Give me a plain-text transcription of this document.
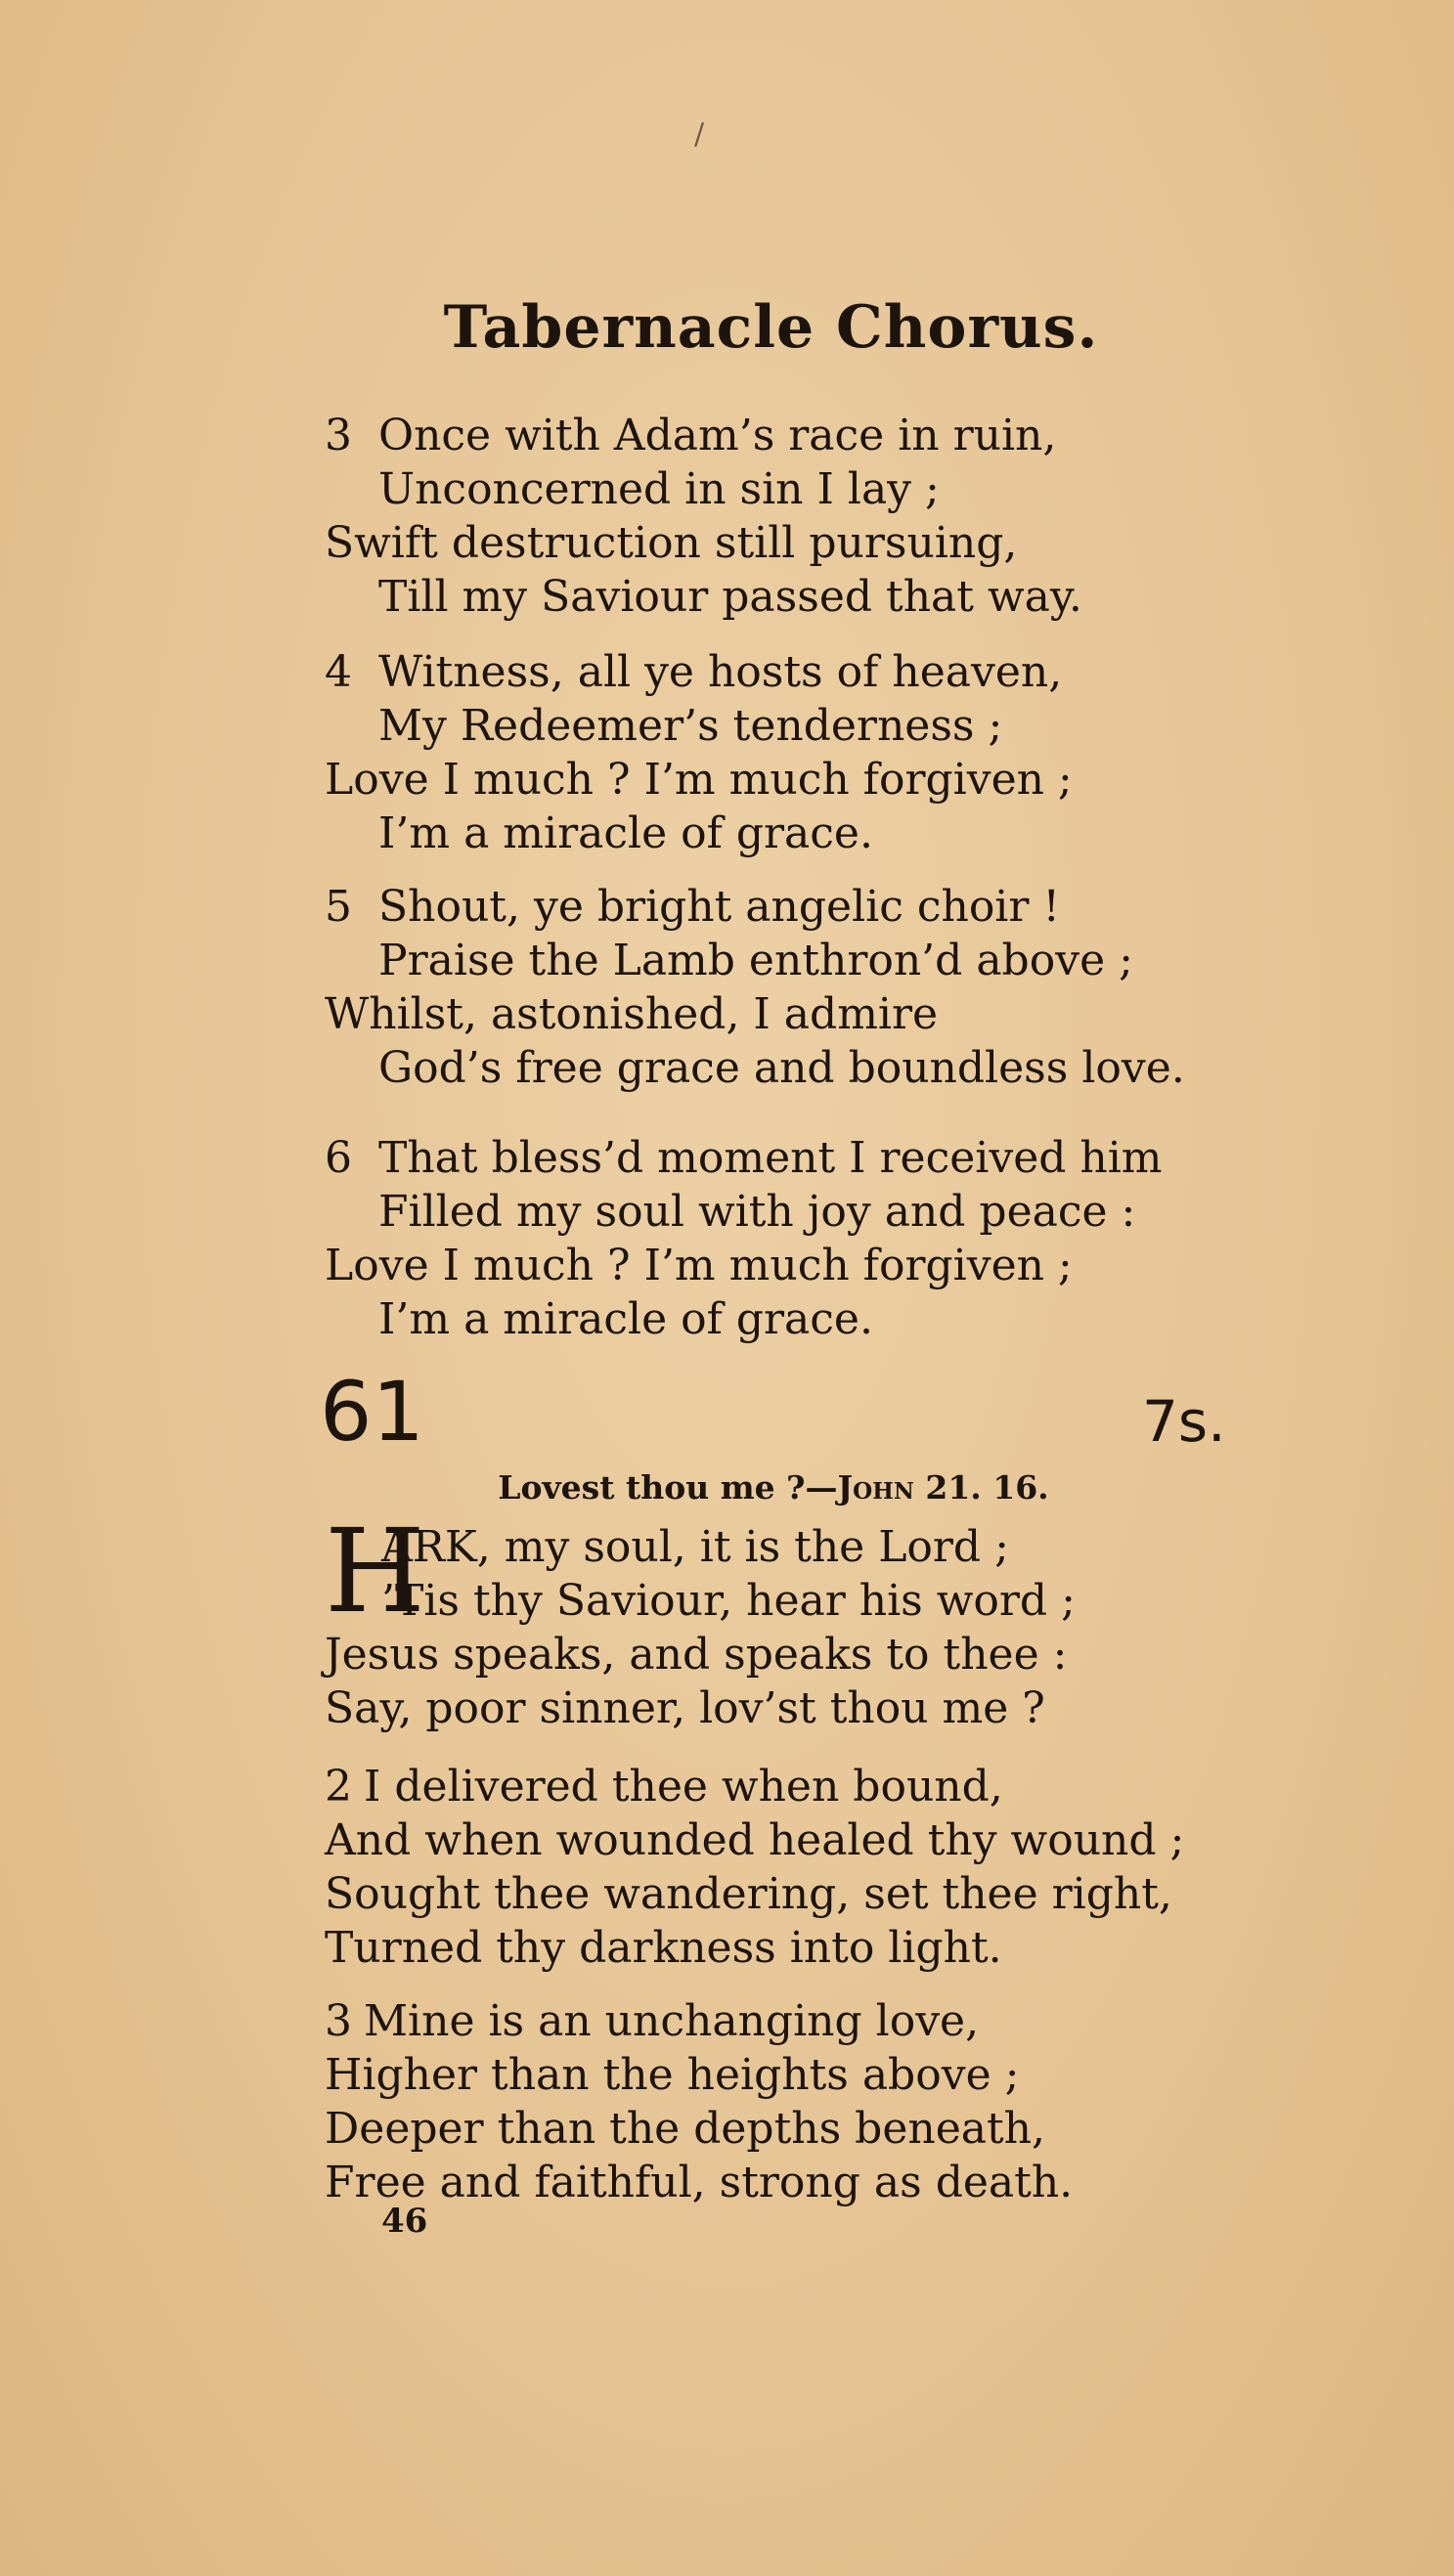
/
Tabernacle Chorus.
3 Once with Adam’s race in ruin,
Unconcerned in sin I lay ;
Swift destruction still pursuing,
Till my Saviour passed that way.
4 Witness, all ye hosts of heaven,
My Redeemer’s tenderness ;
Love I much ? I’m much forgiven ;
I’m a miracle of grace.
5 Shout, ye bright angelic choir !
Praise the Lamb enthron’d above ;
Whilst, astonished, I admire
God’s free grace and boundless love.
6 That bless’d moment I received him
Filled my soul with joy and peace :
Love I much ? I’m much forgiven ;
I’m a miracle of grace.
61	7s.
Lovest thou me ?—John 21. 16.
H
ARK, my soul, it is the Lord ;
’Tis thy Saviour, hear his word ;
Jesus speaks, and speaks to thee :
Say, poor sinner, lov’st thou me ?
2 I delivered thee when bound,
And when wounded healed thy wound ;
Sought thee wandering, set thee right,
Turned thy darkness into light.
3 Mine is an unchanging love,
Higher than the heights above ;
Deeper than the depths beneath,
Free and faithful, strong as death.
46
